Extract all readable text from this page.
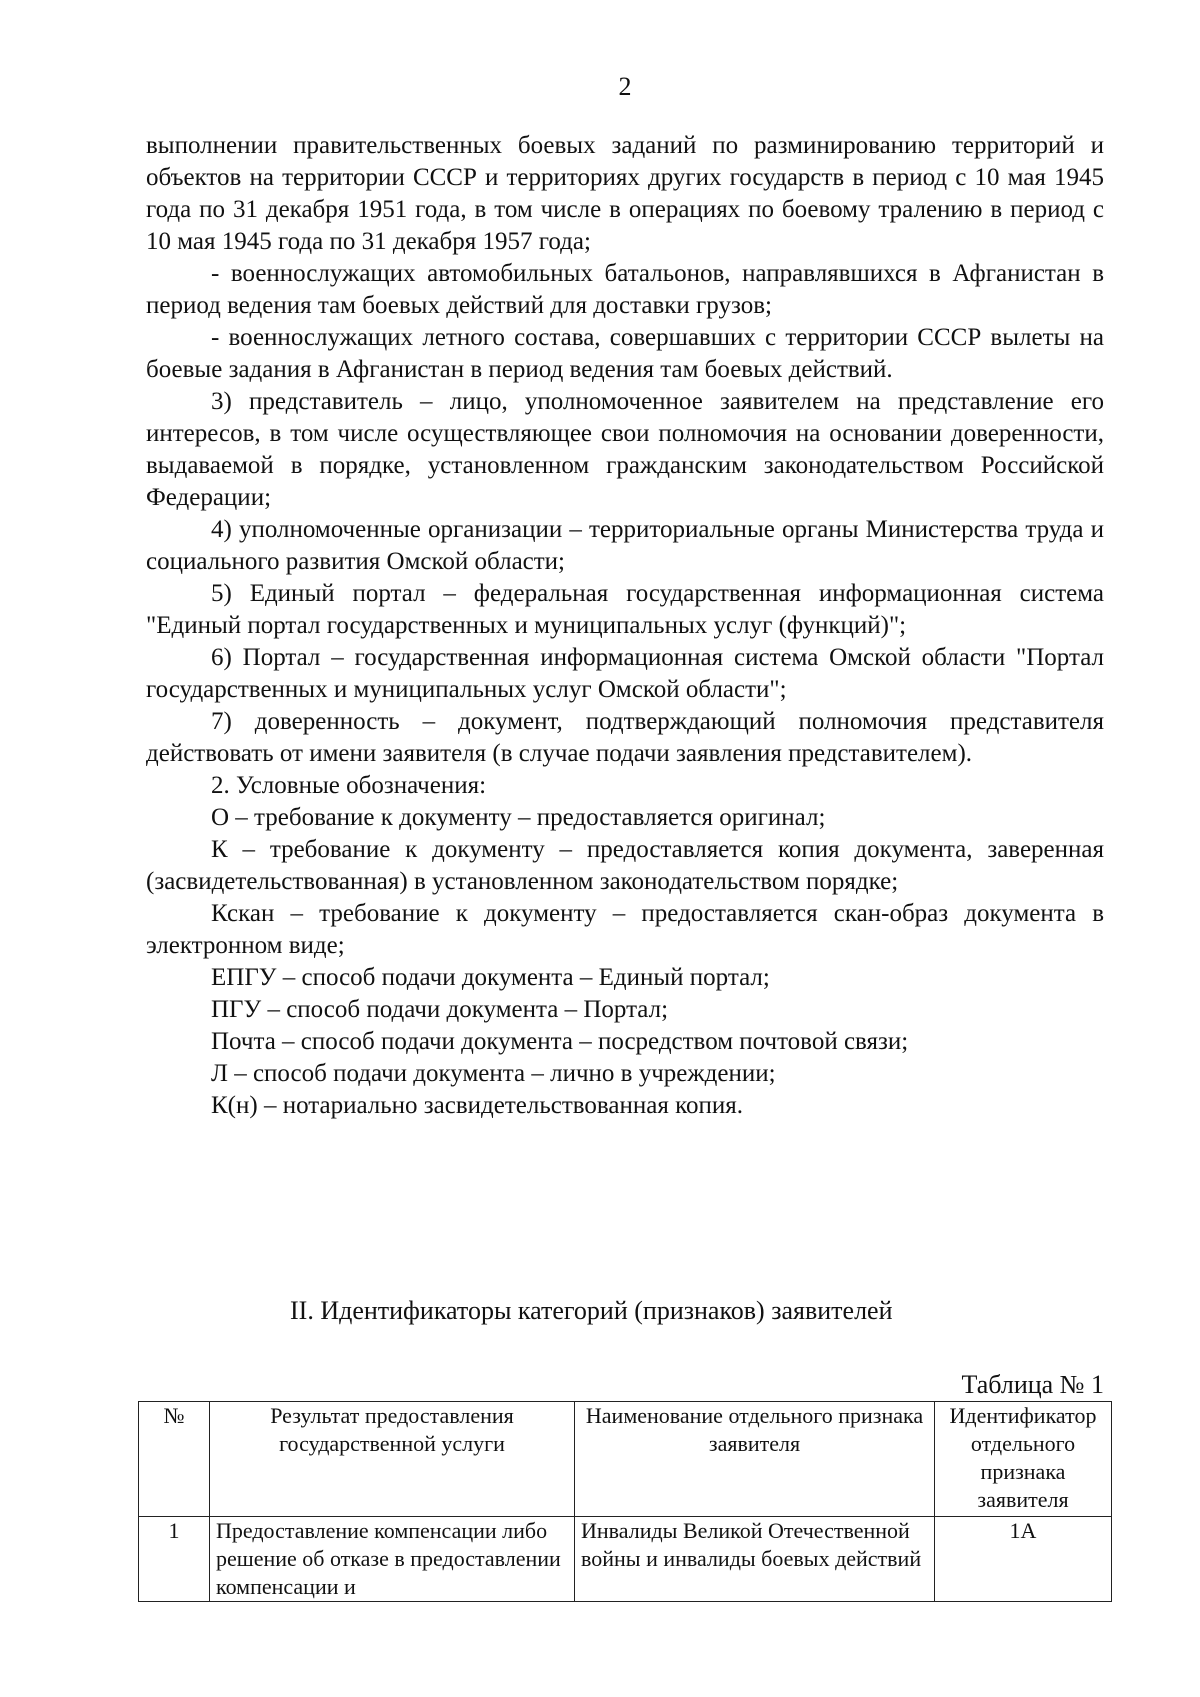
2

выполнении правительственных боевых заданий по разминированию территорий и объектов на территории СССР и территориях других государств в период с 10 мая 1945 года по 31 декабря 1951 года, в том числе в операциях по боевому тралению в период с 10 мая 1945 года по 31 декабря 1957 года;

- военнослужащих автомобильных батальонов, направлявшихся в Афганистан в период ведения там боевых действий для доставки грузов;

- военнослужащих летного состава, совершавших с территории СССР вылеты на боевые задания в Афганистан в период ведения там боевых действий.

3) представитель – лицо, уполномоченное заявителем на представление его интересов, в том числе осуществляющее свои полномочия на основании доверенности, выдаваемой в порядке, установленном гражданским законодательством Российской Федерации;

4) уполномоченные организации – территориальные органы Министерства труда и социального развития Омской области;

5) Единый портал – федеральная государственная информационная система "Единый портал государственных и муниципальных услуг (функций)";

6) Портал – государственная информационная система Омской области "Портал государственных и муниципальных услуг Омской области";

7) доверенность – документ, подтверждающий полномочия представителя действовать от имени заявителя (в случае подачи заявления представителем).

2. Условные обозначения:

О – требование к документу – предоставляется оригинал;

К – требование к документу – предоставляется копия документа, заверенная (засвидетельствованная) в установленном законодательством порядке;

Кскан – требование к документу – предоставляется скан-образ документа в электронном виде;

ЕПГУ – способ подачи документа – Единый портал;

ПГУ – способ подачи документа – Портал;

Почта – способ подачи документа – посредством почтовой связи;

Л – способ подачи документа – лично в учреждении;

К(н) – нотариально засвидетельствованная копия.

II. Идентификаторы категорий (признаков) заявителей
Таблица № 1
№	Результат предоставления государственной услуги	Наименование отдельного признака заявителя	Идентификатор отдельного признака заявителя
1	Предоставление компенсации либо решение об отказе в предоставлении компенсации и	Инвалиды Великой Отечественной войны и инвалиды боевых действий	1А
